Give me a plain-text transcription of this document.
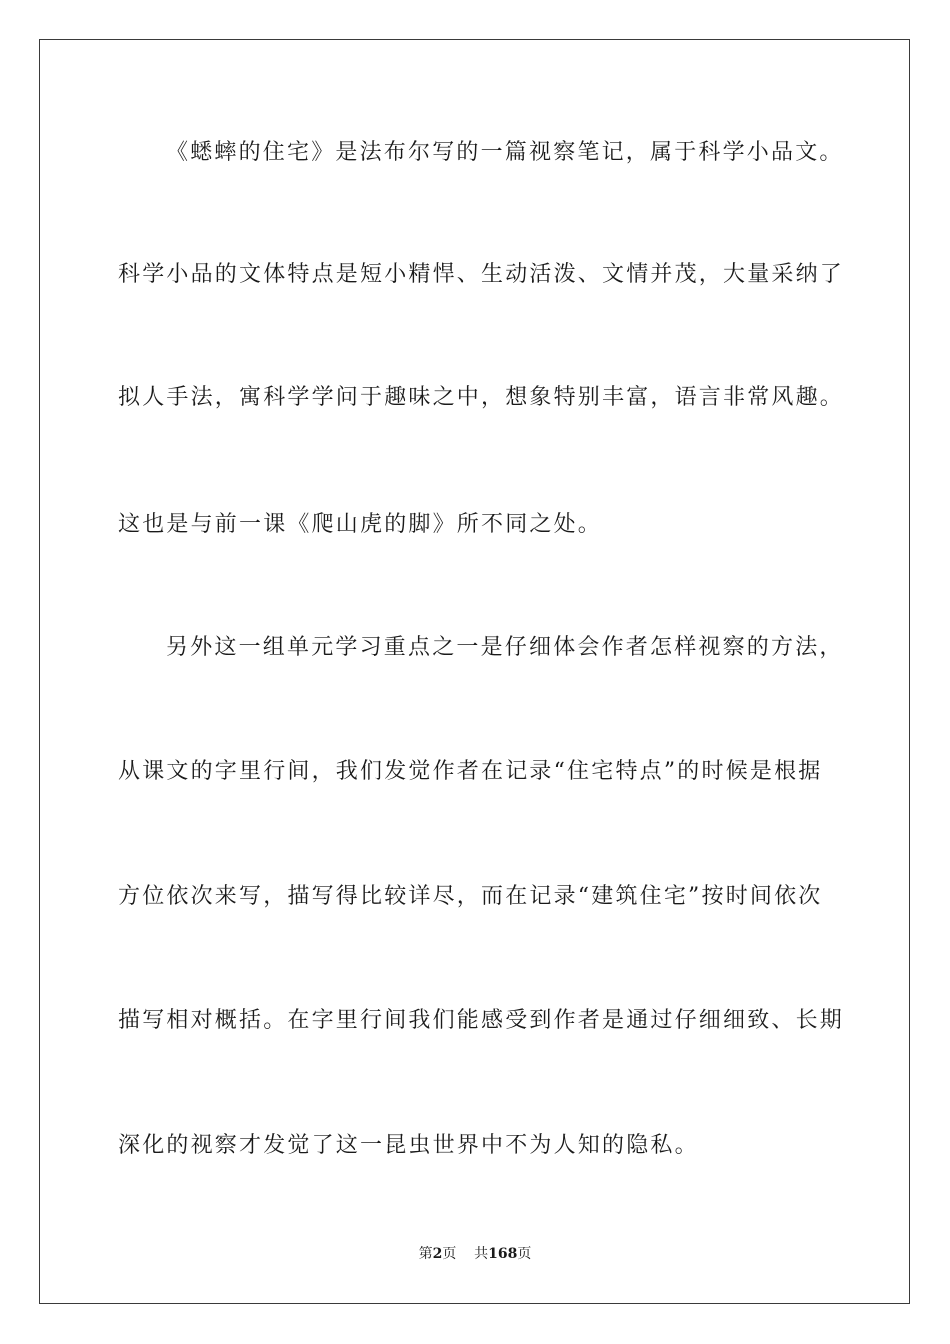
《蟋蟀的住宅》是法布尔写的一篇视察笔记，属于科学小品文。
科学小品的文体特点是短小精悍、生动活泼、文情并茂，大量采纳了
拟人手法，寓科学学问于趣味之中，想象特别丰富，语言非常风趣。
这也是与前一课《爬山虎的脚》所不同之处。
另外这一组单元学习重点之一是仔细体会作者怎样视察的方法，
从课文的字里行间，我们发觉作者在记录“住宅特点”的时候是根据
方位依次来写，描写得比较详尽，而在记录“建筑住宅”按时间依次
描写相对概括。在字里行间我们能感受到作者是通过仔细细致、长期
深化的视察才发觉了这一昆虫世界中不为人知的隐私。
第2页 共168页
